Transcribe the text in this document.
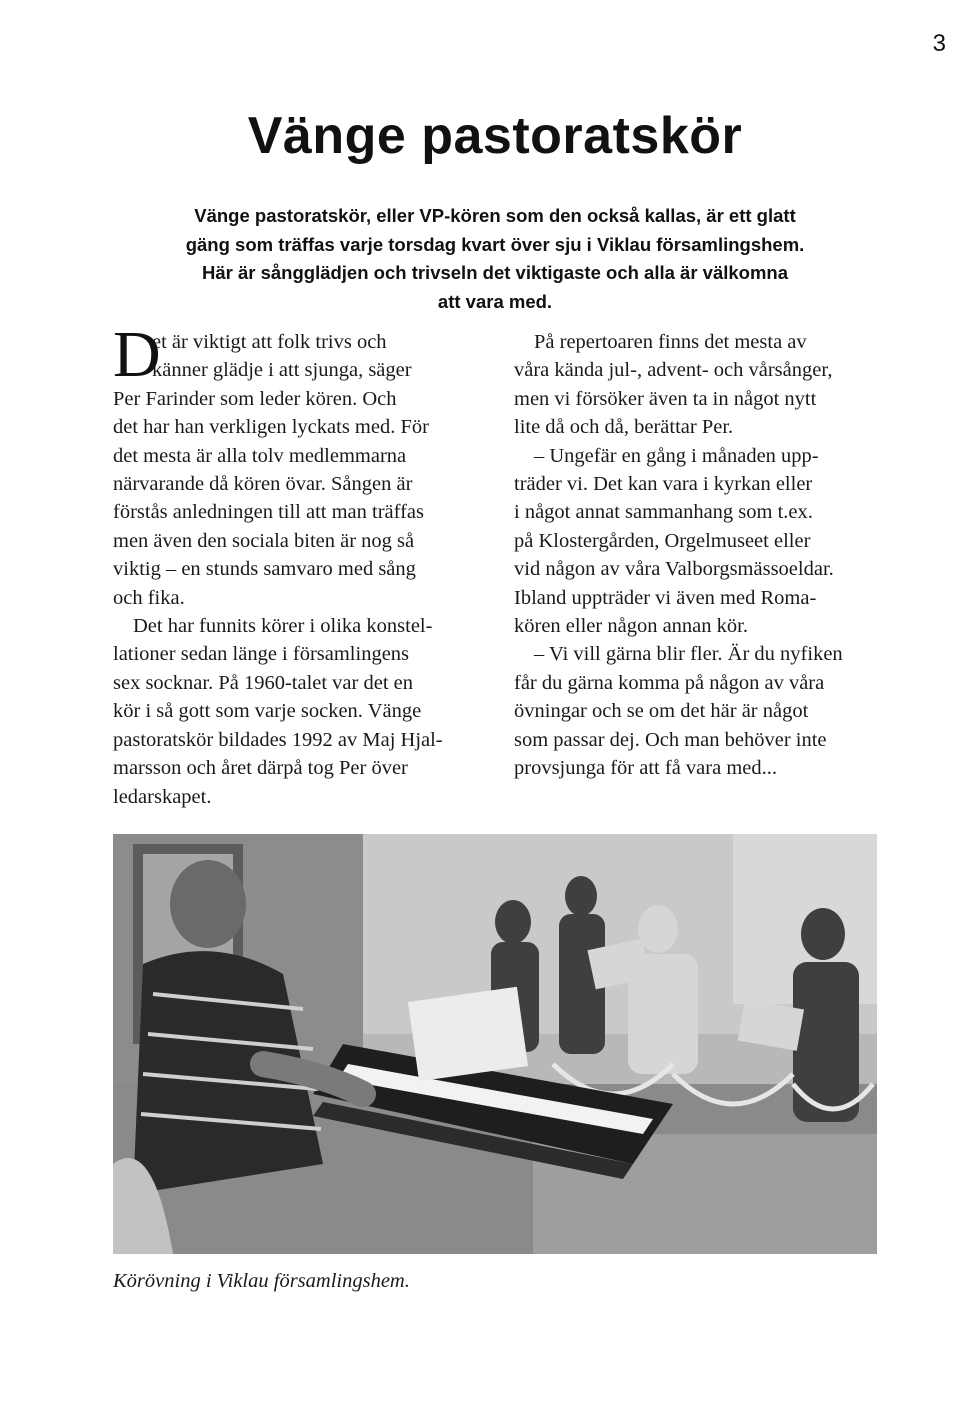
3
Vänge pastoratskör
Vänge pastoratskör, eller VP-kören som den också kallas, är ett glatt
gäng som träffas varje torsdag kvart över sju i Viklau församlingshem.
Här är sångglädjen och trivseln det viktigaste och alla är välkomna
att vara med.
D
et är viktigt att folk trivs och
känner glädje i att sjunga, säger

Per Farinder som leder kören. Och
det har han verkligen lyckats med. För
det mesta är alla tolv medlemmarna
närvarande då kören övar. Sången är
förstås anledningen till att man träffas
men även den sociala biten är nog så
viktig – en stunds samvaro med sång
och fika.

Det har funnits körer i olika konstel-
lationer sedan länge i församlingens
sex socknar. På 1960-talet var det en
kör i så gott som varje socken. Vänge
pastoratskör bildades 1992 av Maj Hjal-
marsson och året därpå tog Per över
ledarskapet.

På repertoaren finns det mesta av
våra kända jul-, advent- och vårsånger,
men vi försöker även ta in något nytt
lite då och då, berättar Per.

– Ungefär en gång i månaden upp-
träder vi. Det kan vara i kyrkan eller
i något annat sammanhang som t.ex.
på Klostergården, Orgelmuseet eller
vid någon av våra Valborgsmässoeldar.
Ibland uppträder vi även med Roma-
kören eller någon annan kör.

– Vi vill gärna blir fler. Är du nyfiken
får du gärna komma på någon av våra
övningar och se om det här är något
som passar dej. Och man behöver inte
provsjunga för att få vara med...

Körövning i Viklau församlingshem.
